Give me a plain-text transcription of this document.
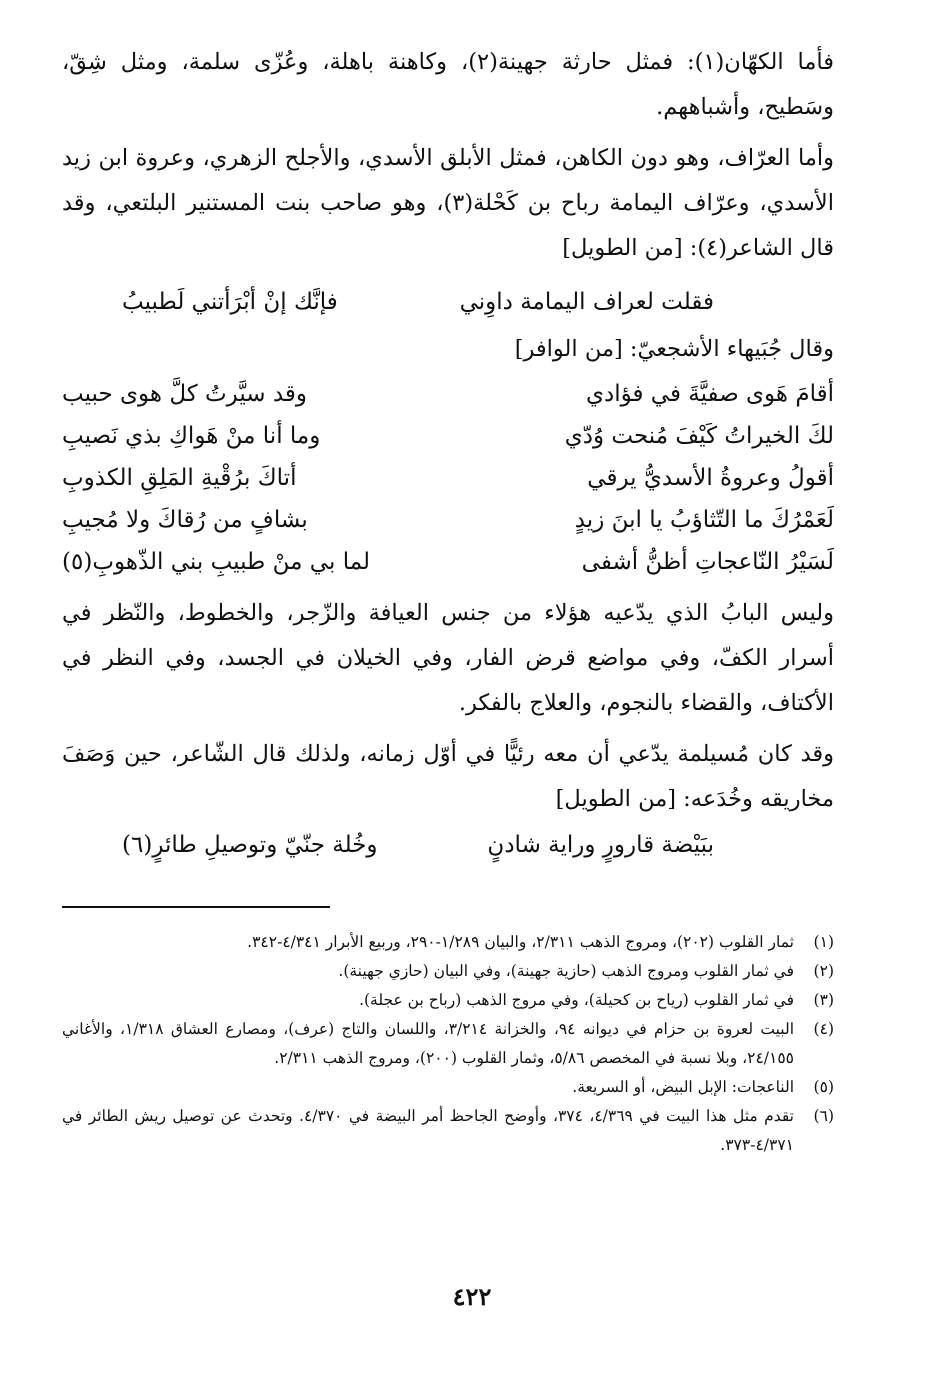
فأما الكهّان(١): فمثل حارثة جهينة(٢)، وكاهنة باهلة، وعُزّى سلمة، ومثل شِقّ، وسَطيح، وأشباههم.

وأما العرّاف، وهو دون الكاهن، فمثل الأبلق الأسدي، والأجلح الزهري، وعروة ابن زيد الأسدي، وعرّاف اليمامة رباح بن كَحْلة(٣)، وهو صاحب بنت المستنير البلتعي، وقد قال الشاعر(٤): [من الطويل]

فقلت لعراف اليمامة داوِني
فإنَّك إنْ أبْرَأتني لَطبيبُ
وقال جُبَيهاء الأشجعيّ: [من الوافر]
أقامَ هَوى صفيَّةَ في فؤادي
وقد سيَّرتُ كلَّ هوى حبيب
لكَ الخيراتُ كَيْفَ مُنحت وُدّي
وما أنا منْ هَواكِ بذي نَصيبِ
أقولُ وعروةُ الأسديُّ يرقي
أتاكَ برُقْيةِ المَلِقِ الكذوبِ
لَعَمْرُكَ ما التّثاؤبُ يا ابنَ زيدٍ
بشافٍ من رُقاكَ ولا مُجيبِ
لَسَيْرُ النّاعجاتِ أظنُّ أشفى
لما بي منْ طبيبِ بني الذّهوبِ(٥)

وليس البابُ الذي يدّعيه هؤلاء من جنس العيافة والزّجر، والخطوط، والنّظر في أسرار الكفّ، وفي مواضع قرض الفار، وفي الخيلان في الجسد، وفي النظر في الأكتاف، والقضاء بالنجوم، والعلاج بالفكر.

وقد كان مُسيلمة يدّعي أن معه رئيًّا في أوّل زمانه، ولذلك قال الشّاعر، حين وَصَفَ مخاريقه وخُدَعه: [من الطويل]

ببَيْضة قارورٍ وراية شادنٍ
وخُلة جنّيّ وتوصيلِ طائرٍ(٦)
(١)
ثمار القلوب (٢٠٢)، ومروج الذهب ٢/٣١١، والبيان ١/٢٨٩-٢٩٠، وربيع الأبرار ٤/٣٤١-٣٤٢.
(٢)
في ثمار القلوب ومروج الذهب (حازية جهينة)، وفي البيان (حازي جهينة).
(٣)
في ثمار القلوب (رياح بن كحيلة)، وفي مروج الذهب (رباح بن عجلة).
(٤)
البيت لعروة بن حزام في ديوانه ٩٤، والخزانة ٣/٢١٤، واللسان والتاج (عرف)، ومصارع العشاق ١/٣١٨، والأغاني ٢٤/١٥٥، وبلا نسبة في المخصص ٥/٨٦، وثمار القلوب (٢٠٠)، ومروج الذهب ٢/٣١١.
(٥)
الناعجات: الإبل البيض، أو السريعة.
(٦)
تقدم مثل هذا البيت في ٤/٣٦٩، ٣٧٤، وأوضح الجاحظ أمر البيضة في ٤/٣٧٠. وتحدث عن توصيل ريش الطائر في ٤/٣٧١-٣٧٣.
٤٢٢
